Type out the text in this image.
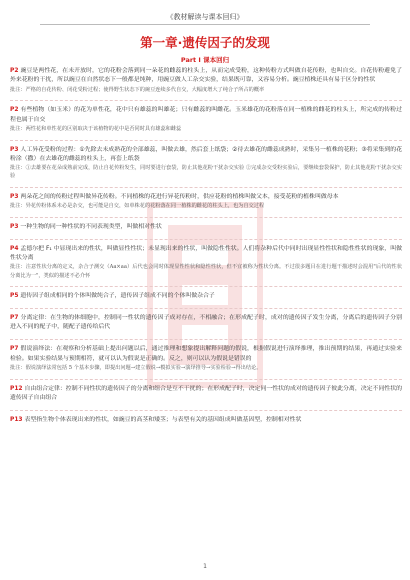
《教材解读与课本回归》
第一章·遗传因子的发现
Part I 课本回归

P2 豌豆是两性花，在未开放时，它的花粉会落到同一朵花的雌蕊的柱头上，从而完成受粉，这种传粉方式叫做自花传粉，也叫自交。自花传粉避免了外来花粉的干扰，所以豌豆在自然状态下一般都是纯种，用豌豆做人工杂交实验，结果既可靠，又容易分析。豌豆植株还具有易于区分的性状

批注：严格的自花传粉、闭花受粉过程；使得野生状态下的豌豆连续多代自交，大幅度增大了纯合子所占的概率

P2 有些植物（如玉米）的花为单性花，花中只有雄蕊的叫雄花；只有雌蕊的叫雌花。玉米雄花的花粉落在同一植株的雌花的柱头上，所完成的传粉过程也属于自交

批注：两性花和单性花的区别取决于该植物的花中是否同时具有雄蕊和雌蕊

P3 人工异花受粉的过程：①先除去未成熟花的全部雄蕊，叫做去雄，然后套上纸袋；②待去雄花的雌蕊成熟时，采集另一植株的花粉；③将采集到的花粉涂（撒）在去雄花的雌蕊的柱头上，再套上纸袋

批注：①去雄要在花朵成熟前完成，防止自花传粉发生，同时要进行套袋，防止其他花粉干扰杂交实验 ②完成杂交受粉实验后，要继续套袋保护，防止其他花粉干扰杂交实验

P3 两朵花之间的传粉过程叫做异花传粉。不同植株的花进行异花传粉时，供应花粉的植株叫做父本，接受花粉的植株叫做母本

批注：异花传粉体系未必是杂交，也可能是自交，如单株花的花粉落在同一植株的雌花的柱头上，也为自交过程

P3 一种生物的同一种性状的不同表现类型，叫做相对性状

P4 孟德尔把 F₁ 中显现出来的性状，叫做显性性状；未显现出来的性状，叫做隐性性状。人们将杂种后代中同时出现显性性状和隐性性状的现象，叫做性状分离

批注：注意性状分离的定义，杂合子测交（Aa×aa）后代也会同时体现显性性状和隐性性状，但不宜被称为性状分离。不过很多题目在进行题干描述时会混用"后代的性状分离比为一"，类似的描述不必介怀

P5 遗传因子组成相同的个体叫做纯合子，遗传因子组成不同的个体叫做杂合子

P7 分离定律：在生物的体细胞中，控制同一性状的遗传因子成对存在，不相融合；在形成配子时，成对的遗传因子发生分离，分离后的遗传因子分别进入不同的配子中，随配子遗传给后代

P7 假说演绎法：在观察和分析基础上提出问题以后，通过推理和想象提出解释问题的假说，根据假说进行演绎推理，推出预期的结果，再通过实验来检验。如果实验结果与预期相符，就可以认为假说是正确的。反之，则可以认为假说是错误的

批注：假说演绎法常包括 5 个基本步骤，即提出问题→建立假说→模拟实验→演绎推导→实验检验→得出结论。

P12 自由组合定律：控制不同性状的遗传因子的分离和组合是互不干扰的；在形成配子时，决定同一性状的成对的遗传因子彼此分离，决定不同性状的遗传因子自由组合

P13 表型指生物个体表现出来的性状，如豌豆的高茎和矮茎；与表型有关的基因组成叫做基因型，控制相对性状

1
